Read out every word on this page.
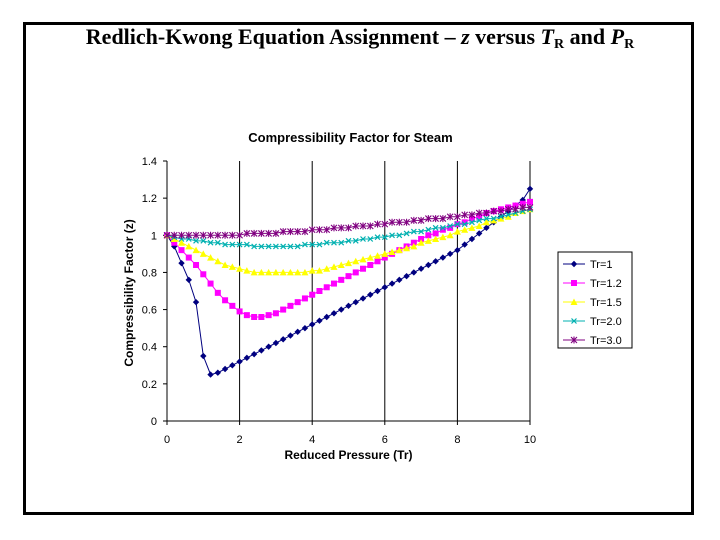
Redlich-Kwong Equation Assignment – z versus $T_R$ and $P_R$
0	2	4	6	8	10
0
0.2
0.4
0.6
0.8
1
1.2
1.4
Tr=1
Tr=1.2
Tr=1.5
Tr=2.0
Tr=3.0
Compressibility Factor for Steam
Reduced Pressure (Tr)
Compressibility Factor (z)
